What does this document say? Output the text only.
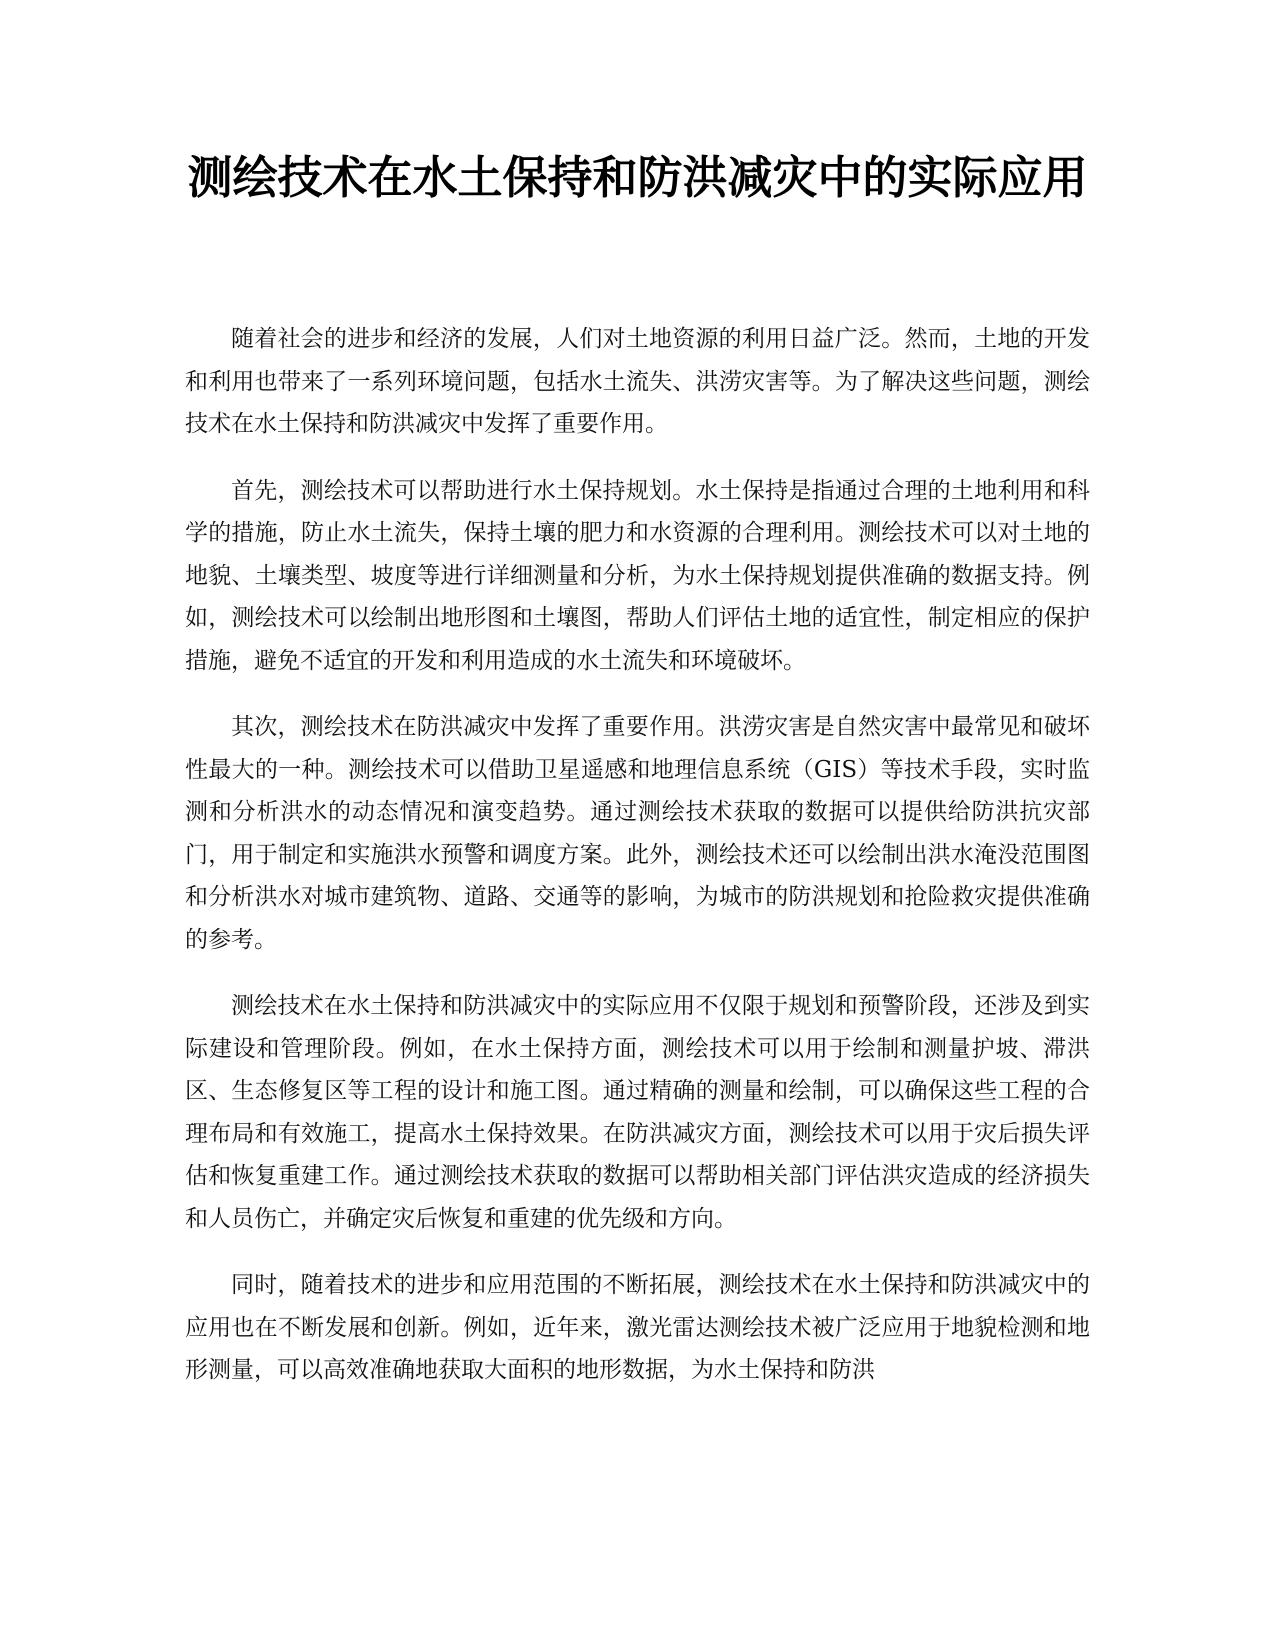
测绘技术在水土保持和防洪减灾中的实际应用

随着社会的进步和经济的发展，人们对土地资源的利用日益广泛。然而，土地的开发和利用也带来了一系列环境问题，包括水土流失、洪涝灾害等。为了解决这些问题，测绘技术在水土保持和防洪减灾中发挥了重要作用。

首先，测绘技术可以帮助进行水土保持规划。水土保持是指通过合理的土地利用和科学的措施，防止水土流失，保持土壤的肥力和水资源的合理利用。测绘技术可以对土地的地貌、土壤类型、坡度等进行详细测量和分析，为水土保持规划提供准确的数据支持。例如，测绘技术可以绘制出地形图和土壤图，帮助人们评估土地的适宜性，制定相应的保护措施，避免不适宜的开发和利用造成的水土流失和环境破坏。

其次，测绘技术在防洪减灾中发挥了重要作用。洪涝灾害是自然灾害中最常见和破坏性最大的一种。测绘技术可以借助卫星遥感和地理信息系统（GIS）等技术手段，实时监测和分析洪水的动态情况和演变趋势。通过测绘技术获取的数据可以提供给防洪抗灾部门，用于制定和实施洪水预警和调度方案。此外，测绘技术还可以绘制出洪水淹没范围图和分析洪水对城市建筑物、道路、交通等的影响，为城市的防洪规划和抢险救灾提供准确的参考。

测绘技术在水土保持和防洪减灾中的实际应用不仅限于规划和预警阶段，还涉及到实际建设和管理阶段。例如，在水土保持方面，测绘技术可以用于绘制和测量护坡、滞洪区、生态修复区等工程的设计和施工图。通过精确的测量和绘制，可以确保这些工程的合理布局和有效施工，提高水土保持效果。在防洪减灾方面，测绘技术可以用于灾后损失评估和恢复重建工作。通过测绘技术获取的数据可以帮助相关部门评估洪灾造成的经济损失和人员伤亡，并确定灾后恢复和重建的优先级和方向。

同时，随着技术的进步和应用范围的不断拓展，测绘技术在水土保持和防洪减灾中的应用也在不断发展和创新。例如，近年来，激光雷达测绘技术被广泛应用于地貌检测和地形测量，可以高效准确地获取大面积的地形数据，为水土保持和防洪
